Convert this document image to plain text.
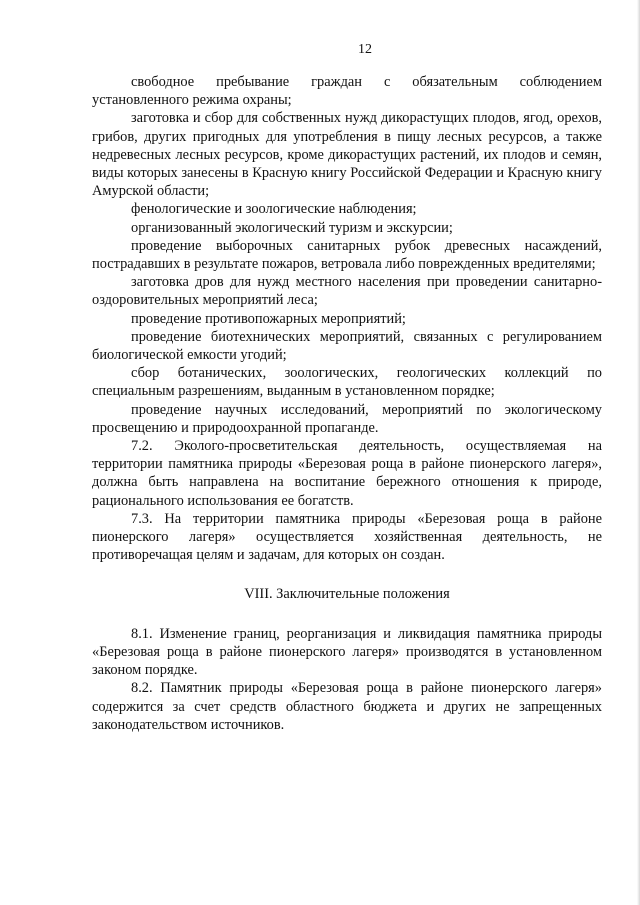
12

свободное пребывание граждан с обязательным соблюдением установленного режима охраны;

заготовка и сбор для собственных нужд дикорастущих плодов, ягод, орехов, грибов, других пригодных для употребления в пищу лесных ресурсов, а также недревесных лесных ресурсов, кроме дикорастущих растений, их плодов и семян, виды которых занесены в Красную книгу Российской Федерации и Красную книгу Амурской области;

фенологические и зоологические наблюдения;

организованный экологический туризм и экскурсии;

проведение выборочных санитарных рубок древесных насаждений, пострадавших в результате пожаров, ветровала либо поврежденных вредителями;

заготовка дров для нужд местного населения при проведении санитарно-оздоровительных мероприятий леса;

проведение противопожарных мероприятий;

проведение биотехнических мероприятий, связанных с регулированием биологической емкости угодий;

сбор ботанических, зоологических, геологических коллекций по специальным разрешениям, выданным в установленном порядке;

проведение научных исследований, мероприятий по экологическому просвещению и природоохранной пропаганде.

7.2. Эколого-просветительская деятельность, осуществляемая на территории памятника природы «Березовая роща в районе пионерского лагеря», должна быть направлена на воспитание бережного отношения к природе, рационального использования ее богатств.

7.3. На территории памятника природы «Березовая роща в районе пионерского лагеря» осуществляется хозяйственная деятельность, не противоречащая целям и задачам, для которых он создан.

VIII. Заключительные положения

8.1. Изменение границ, реорганизация и ликвидация памятника природы «Березовая роща в районе пионерского лагеря» производятся в установленном законом порядке.

8.2. Памятник природы «Березовая роща в районе пионерского лагеря» содержится за счет средств областного бюджета и других не запрещенных законодательством источников.
